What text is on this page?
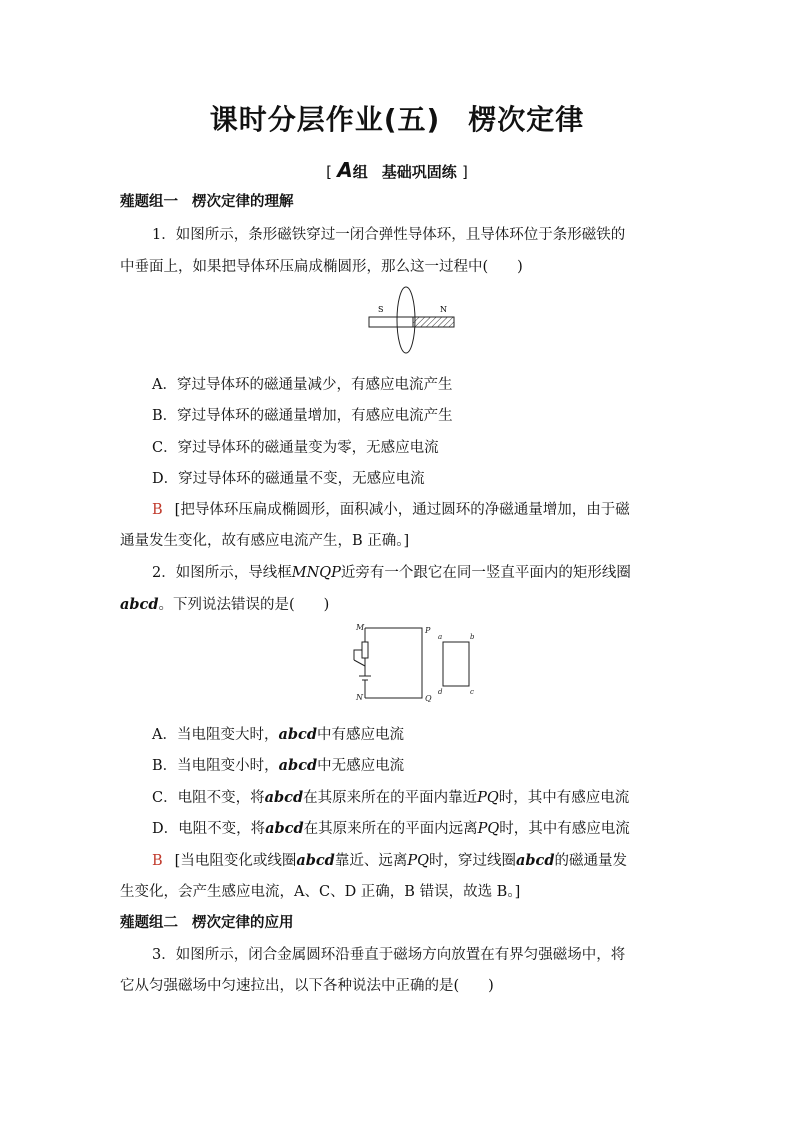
课时分层作业(五) 楞次定律
[ A组 基础巩固练 ]
薤题组一 楞次定律的理解
1．如图所示，条形磁铁穿过一闭合弹性导体环，且导体环位于条形磁铁的
中垂面上，如果把导体环压扁成椭圆形，那么这一过程中(　　)
S	N
A．穿过导体环的磁通量减少，有感应电流产生
B．穿过导体环的磁通量增加，有感应电流产生
C．穿过导体环的磁通量变为零，无感应电流
D．穿过导体环的磁通量不变，无感应电流
B [把导体环压扁成椭圆形，面积减小，通过圆环的净磁通量增加，由于磁
通量发生变化，故有感应电流产生，B 正确。]
2．如图所示，导线框MNQP近旁有一个跟它在同一竖直平面内的矩形线圈
abcd。下列说法错误的是(　　)
M
N
P
Q
a	b
c
d
A．当电阻变大时，abcd中有感应电流
B．当电阻变小时，abcd中无感应电流
C．电阻不变，将abcd在其原来所在的平面内靠近PQ时，其中有感应电流
D．电阻不变，将abcd在其原来所在的平面内远离PQ时，其中有感应电流
B [当电阻变化或线圈abcd靠近、远离PQ时，穿过线圈abcd的磁通量发
生变化，会产生感应电流，A、C、D 正确，B 错误，故选 B。]
薤题组二 楞次定律的应用
3．如图所示，闭合金属圆环沿垂直于磁场方向放置在有界匀强磁场中，将
它从匀强磁场中匀速拉出，以下各种说法中正确的是(　　)
